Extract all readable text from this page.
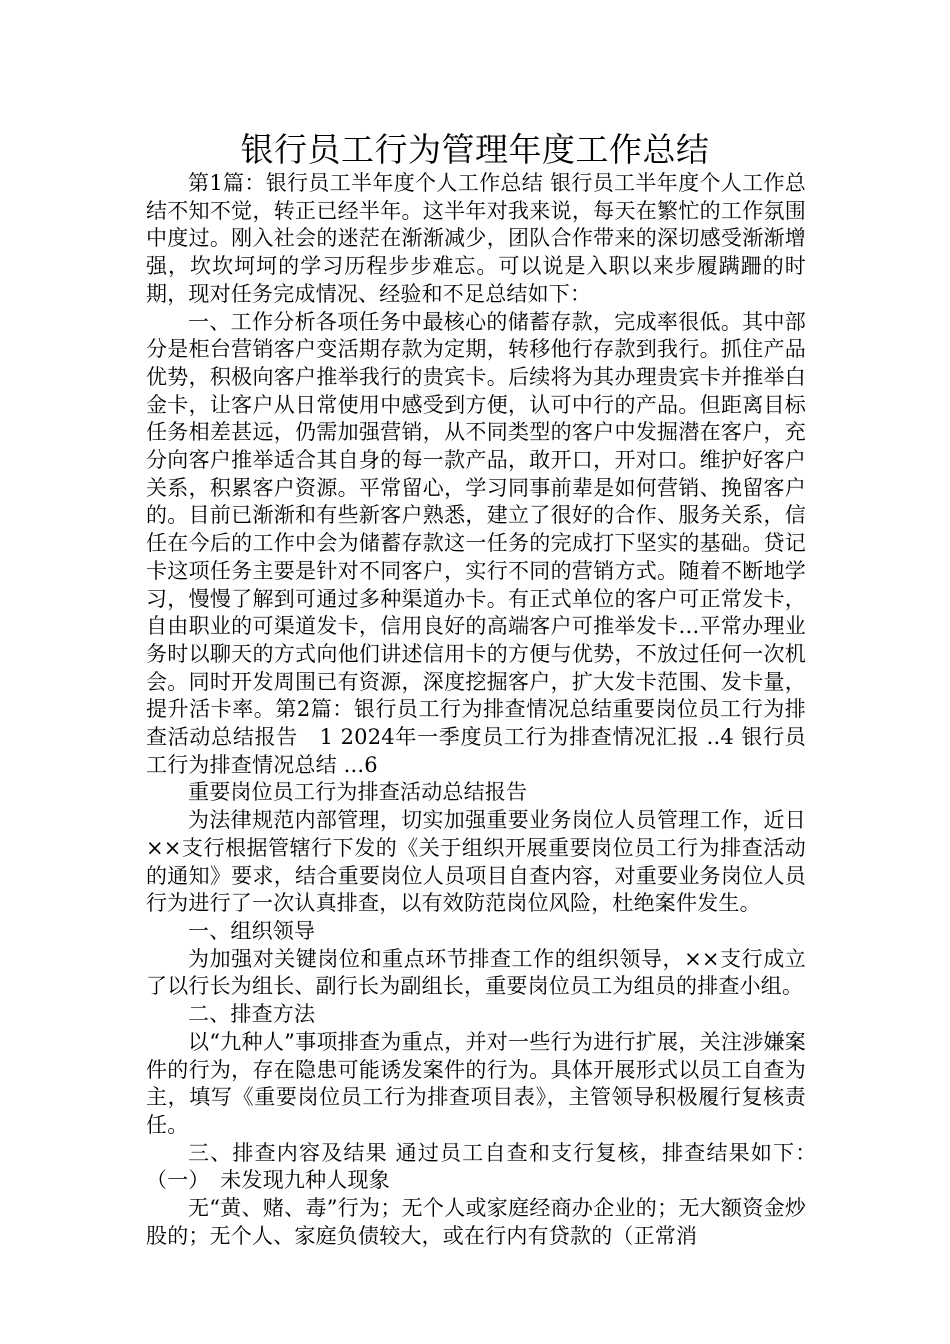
银行员工行为管理年度工作总结

第1篇：银行员工半年度个人工作总结 银行员工半年度个人工作总结不知不觉，转正已经半年。这半年对我来说，每天在繁忙的工作氛围中度过。刚入社会的迷茫在渐渐减少，团队合作带来的深切感受渐渐增强，坎坎坷坷的学习历程步步难忘。可以说是入职以来步履蹒跚的时期，现对任务完成情况、经验和不足总结如下：

一、工作分析各项任务中最核心的储蓄存款，完成率很低。其中部分是柜台营销客户变活期存款为定期，转移他行存款到我行。抓住产品优势，积极向客户推举我行的贵宾卡。后续将为其办理贵宾卡并推举白金卡，让客户从日常使用中感受到方便，认可中行的产品。但距离目标任务相差甚远，仍需加强营销，从不同类型的客户中发掘潜在客户，充分向客户推举适合其自身的每一款产品，敢开口，开对口。维护好客户关系，积累客户资源。平常留心，学习同事前辈是如何营销、挽留客户的。目前已渐渐和有些新客户熟悉，建立了很好的合作、服务关系，信任在今后的工作中会为储蓄存款这一任务的完成打下坚实的基础。贷记卡这项任务主要是针对不同客户，实行不同的营销方式。随着不断地学习，慢慢了解到可通过多种渠道办卡。有正式单位的客户可正常发卡，自由职业的可渠道发卡，信用良好的高端客户可推举发卡…平常办理业务时以聊天的方式向他们讲述信用卡的方便与优势，不放过任何一次机会。同时开发周围已有资源，深度挖掘客户，扩大发卡范围、发卡量，提升活卡率。第2篇：银行员工行为排查情况总结重要岗位员工行为排查活动总结报告　1 2024年一季度员工行为排查情况汇报 ..4 银行员工行为排查情况总结 ...6

重要岗位员工行为排查活动总结报告

为法律规范内部管理，切实加强重要业务岗位人员管理工作，近日××支行根据管辖行下发的《关于组织开展重要岗位员工行为排查活动的通知》要求，结合重要岗位人员项目自查内容，对重要业务岗位人员行为进行了一次认真排查，以有效防范岗位风险，杜绝案件发生。

一、组织领导

为加强对关键岗位和重点环节排查工作的组织领导，××支行成立了以行长为组长、副行长为副组长，重要岗位员工为组员的排查小组。

二、排查方法

以“九种人”事项排查为重点，并对一些行为进行扩展，关注涉嫌案件的行为，存在隐患可能诱发案件的行为。具体开展形式以员工自查为主，填写《重要岗位员工行为排查项目表》，主管领导积极履行复核责任。

三、排查内容及结果 通过员工自查和支行复核，排查结果如下：　（一）　未发现九种人现象

无“黄、赌、毒”行为；无个人或家庭经商办企业的；无大额资金炒股的；无个人、家庭负债较大，或在行内有贷款的（正常消
